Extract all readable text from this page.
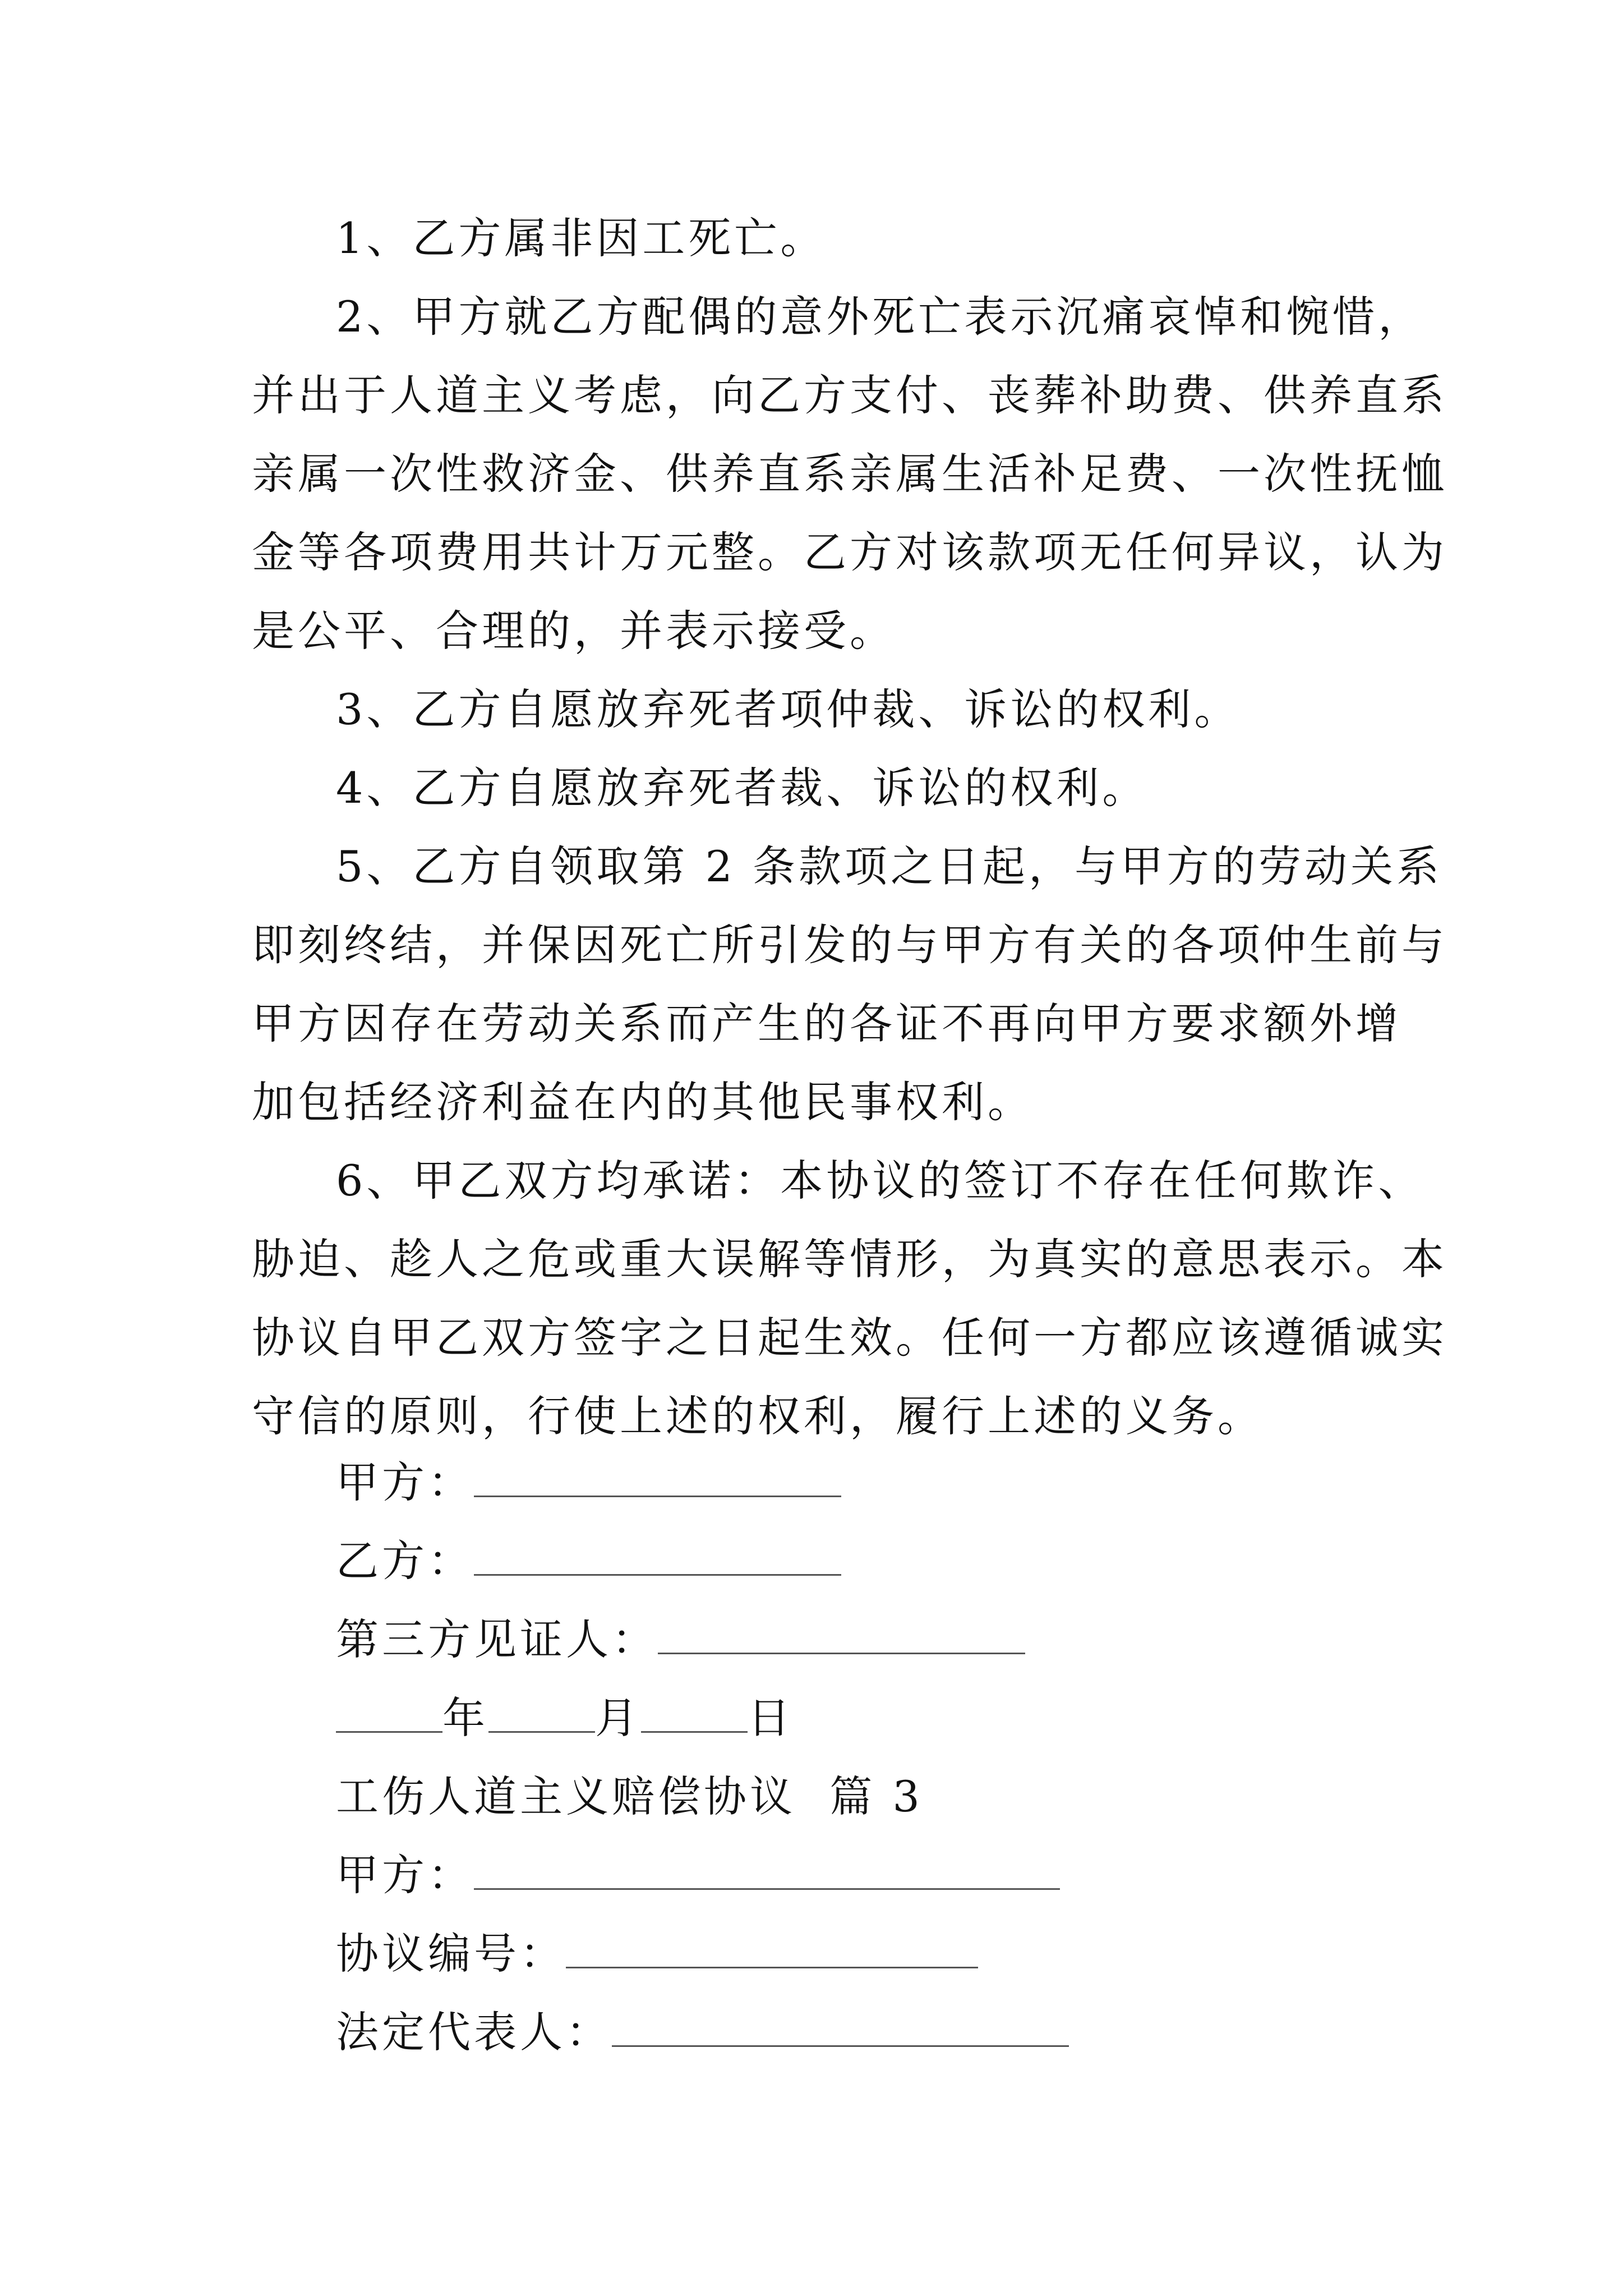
1、乙方属非因工死亡。
2、甲方就乙方配偶的意外死亡表示沉痛哀悼和惋惜，
并出于人道主义考虑，向乙方支付、丧葬补助费、供养直系
亲属一次性救济金、供养直系亲属生活补足费、一次性抚恤
金等各项费用共计万元整。乙方对该款项无任何异议，认为
是公平、合理的，并表示接受。
3、乙方自愿放弃死者项仲裁、诉讼的权利。
4、乙方自愿放弃死者裁、诉讼的权利。
5、乙方自领取第 2 条款项之日起，与甲方的劳动关系
即刻终结，并保因死亡所引发的与甲方有关的各项仲生前与
甲方因存在劳动关系而产生的各证不再向甲方要求额外增
加包括经济利益在内的其他民事权利。
6、甲乙双方均承诺：本协议的签订不存在任何欺诈、
胁迫、趁人之危或重大误解等情形，为真实的意思表示。本
协议自甲乙双方签字之日起生效。任何一方都应该遵循诚实
守信的原则，行使上述的权利，履行上述的义务。
甲方：
乙方：
第三方见证人：
年	月	日
工伤人道主义赔偿协议  篇 3
甲方：
协议编号：
法定代表人：
